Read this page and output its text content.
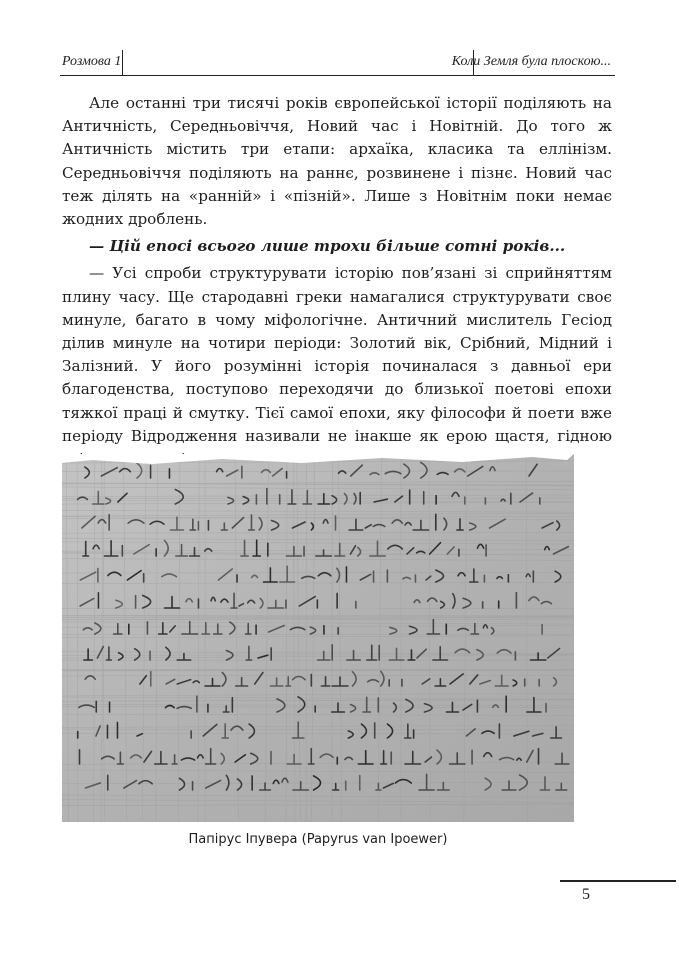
Розмова 1	Коли Земля була плоскою...

Але останні три тисячі років європейської історії поділяють на Античність, Середньовіччя, Новий час і Новітній. До того ж Античність містить три етапи: архаїка, класика та еллінізм. Середньовіччя поділяють на раннє, розвинене і пізнє. Новий час теж ділять на «ранній» і «пізній». Лише з Новітнім поки немає жодних дроблень.

— Цій епосі всього лише трохи більше сотні років...

— Усі спроби структурувати історію пов’язані зі сприйняттям плину часу. Ще стародавні греки намагалися структурувати своє минуле, багато в чому міфологічне. Античний мислитель Гесіод ділив минуле на чотири періоди: Золотий вік, Срібний, Мідний і Залізний. У його розумінні історія починалася з давньої ери благоденства, поступово переходячи до близької поетові епохи тяжкої праці й смутку. Тієї самої епохи, яку філософи й поети вже періоду Відродження називали не інакше як ерою щастя, гідною

Папірус Іпувера (Papyrus van Ipoewer)
5
